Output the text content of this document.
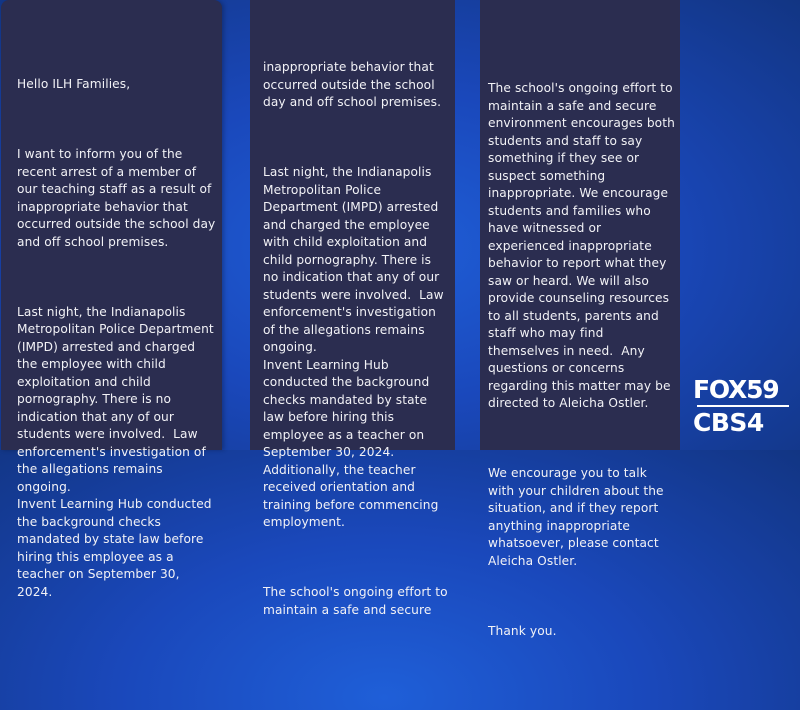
Hello ILH Families,

I want to inform you of the recent arrest of a member of our teaching staff as a result of inappropriate behavior that occurred outside the school day and off school premises.

Last night, the Indianapolis Metropolitan Police Department (IMPD) arrested and charged the employee with child exploitation and child pornography. There is no indication that any of our students were involved.  Law enforcement's investigation of the allegations remains ongoing.
Invent Learning Hub conducted the background checks mandated by state law before hiring this employee as a teacher on September 30, 2024.

inappropriate behavior that occurred outside the school day and off school premises.

Last night, the Indianapolis Metropolitan Police Department (IMPD) arrested and charged the employee with child exploitation and child pornography. There is no indication that any of our students were involved.  Law enforcement's investigation of the allegations remains ongoing.
Invent Learning Hub conducted the background checks mandated by state law before hiring this employee as a teacher on September 30, 2024. Additionally, the teacher received orientation and training before commencing employment.

The school's ongoing effort to maintain a safe and secure

The school's ongoing effort to maintain a safe and secure environment encourages both students and staff to say something if they see or suspect something inappropriate. We encourage students and families who have witnessed or experienced inappropriate behavior to report what they saw or heard. We will also provide counseling resources to all students, parents and staff who may find themselves in need.  Any questions or concerns regarding this matter may be directed to Aleicha Ostler.

We encourage you to talk with your children about the situation, and if they report anything inappropriate whatsoever, please contact Aleicha Ostler.

Thank you.

FOX59
CBS 4
